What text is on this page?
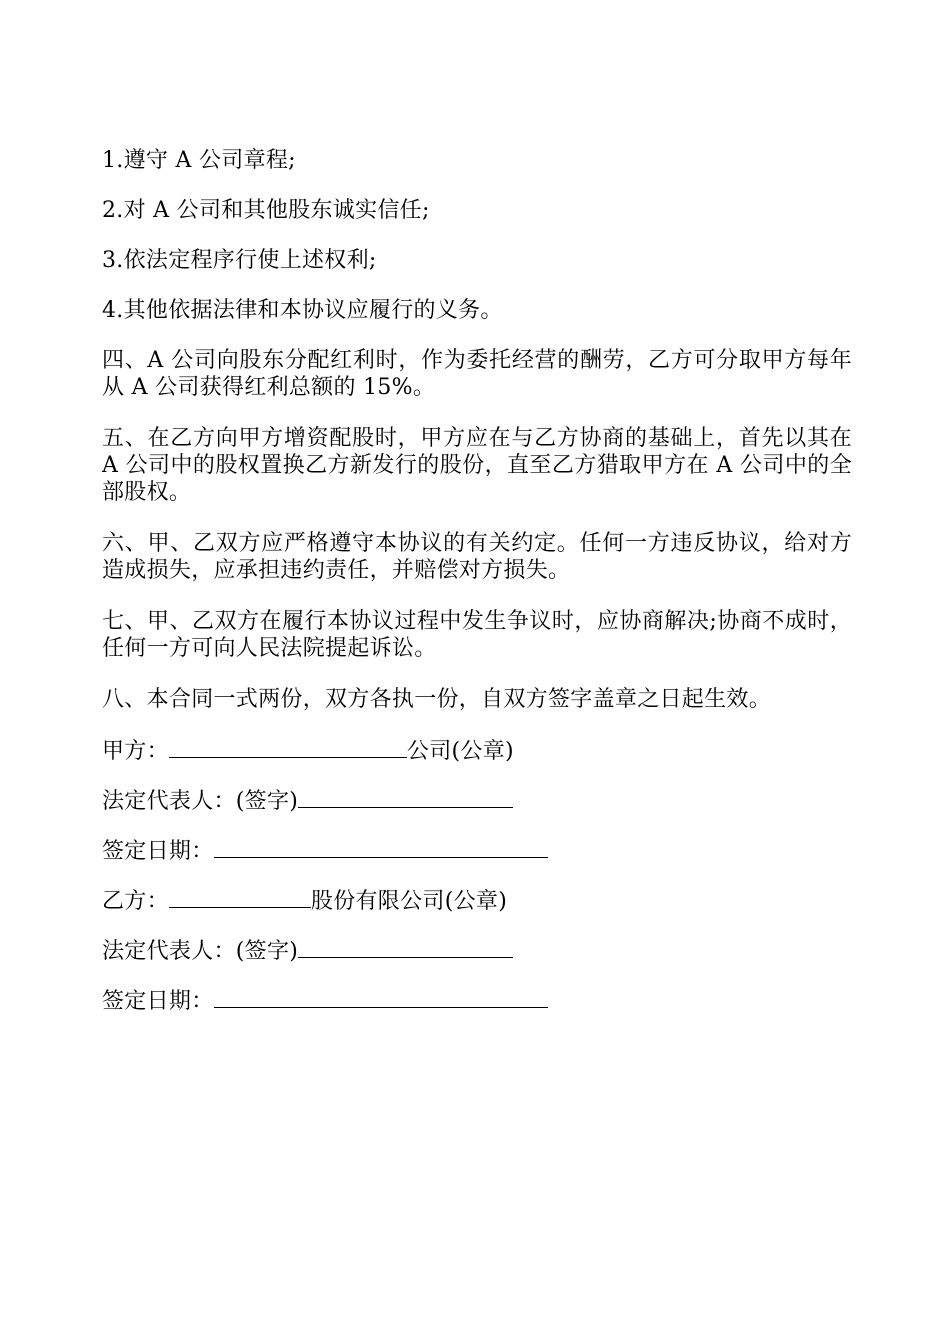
1.遵守 A 公司章程;

2.对 A 公司和其他股东诚实信任;

3.依法定程序行使上述权利;

4.其他依据法律和本协议应履行的义务。

四、A 公司向股东分配红利时，作为委托经营的酬劳，乙方可分取甲方每年从 A 公司获得红利总额的 15%。

五、在乙方向甲方增资配股时，甲方应在与乙方协商的基础上，首先以其在 A 公司中的股权置换乙方新发行的股份，直至乙方猎取甲方在 A 公司中的全部股权。

六、甲、乙双方应严格遵守本协议的有关约定。任何一方违反协议，给对方造成损失，应承担违约责任，并赔偿对方损失。

七、甲、乙双方在履行本协议过程中发生争议时，应协商解决;协商不成时，任何一方可向人民法院提起诉讼。

八、本合同一式两份，双方各执一份，自双方签字盖章之日起生效。

甲方：	公司(公章)
法定代表人：(签字)
签定日期：
乙方：	股份有限公司(公章)
法定代表人：(签字)
签定日期：
